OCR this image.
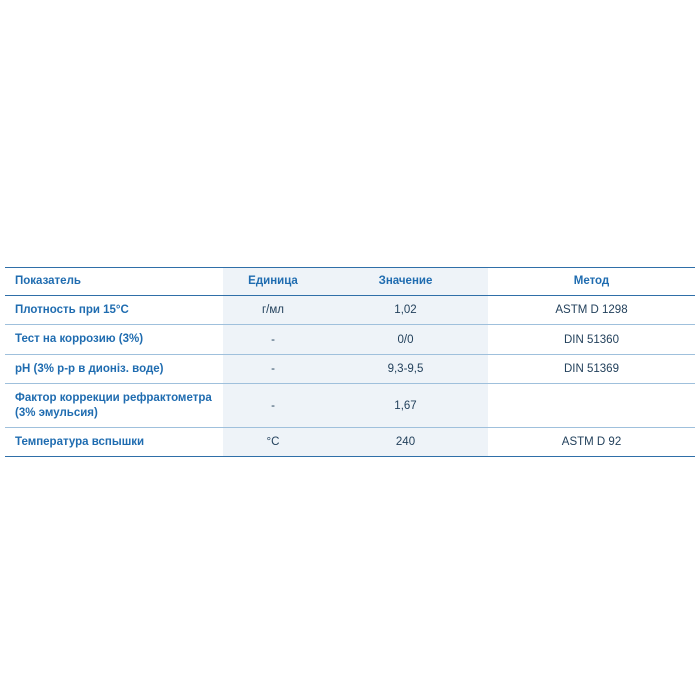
Показатель	Единица	Значение	Метод
Плотность при 15°C	г/мл	1,02	ASTM D 1298
Тест на коррозию (3%)	-	0/0	DIN 51360
pH (3% р-р в дионіз. воде)	-	9,3-9,5	DIN 51369
Фактор коррекции рефрактометра (3% эмульсия)	-	1,67	
Температура вспышки	°C	240	ASTM D 92
